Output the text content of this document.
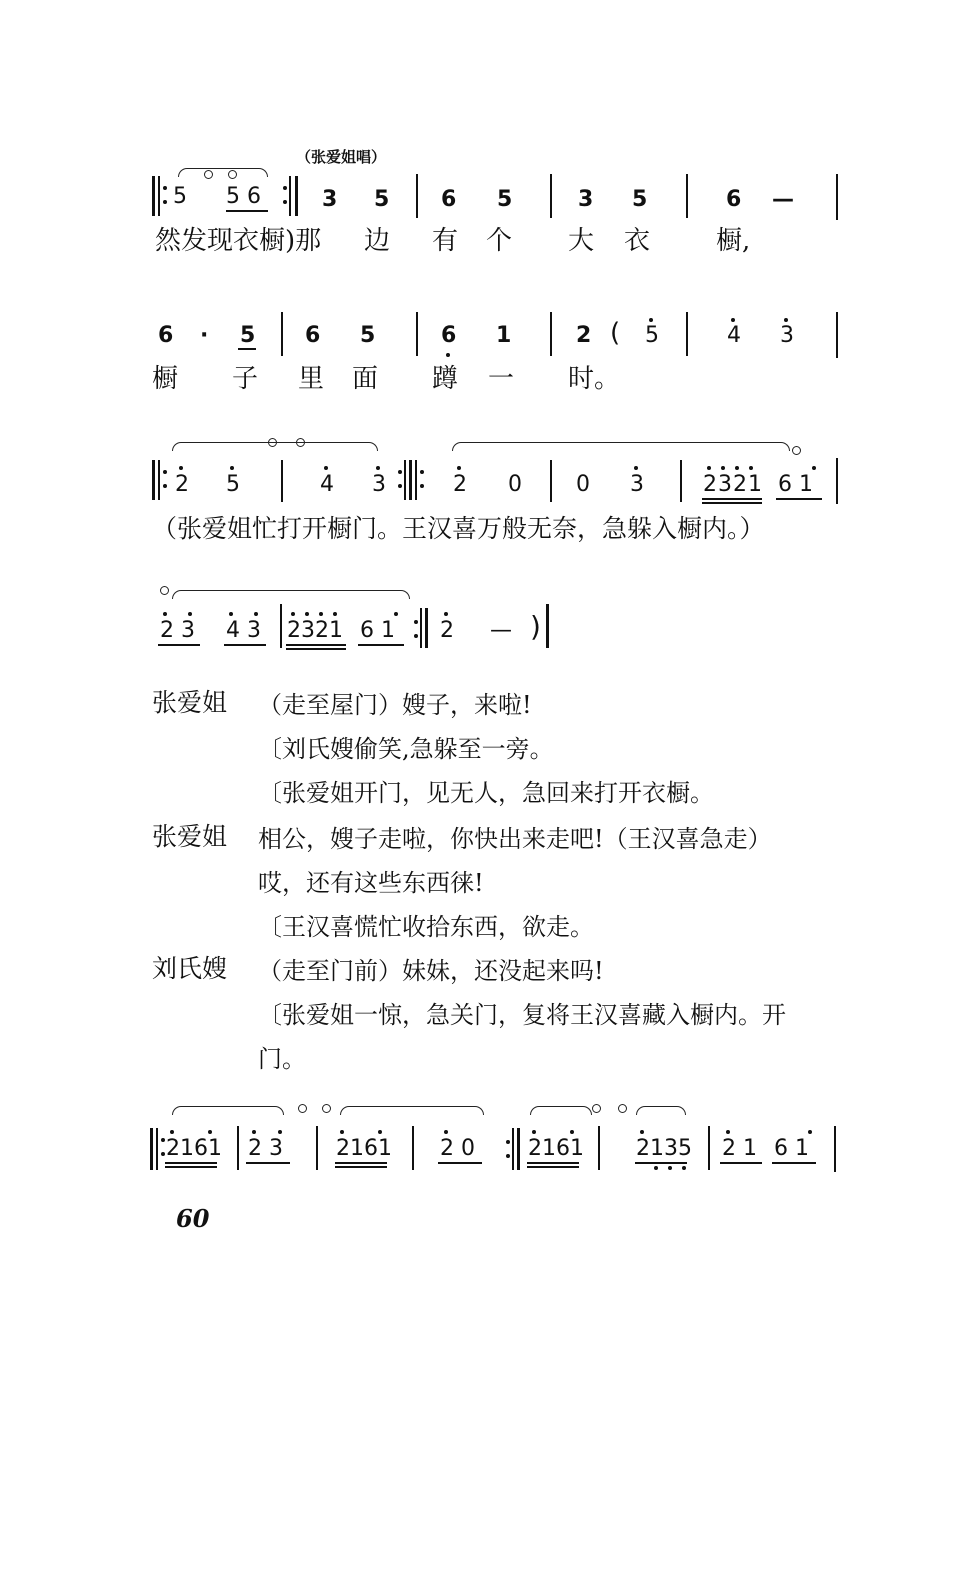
（张爱姐唱）
5 5 6	3 5 6 5	3 5	6 —
然发现衣橱)那 边 有 个 大 衣	橱,
6 · 5 6 5	6 1	2 ( 5	4 3
橱 子 里 面 蹲 一 时。
2 5	4 3	2 0 0 3	2321 6 1
（张爱姐忙打开橱门。王汉喜万般无奈，急躲入橱内。）
2 3 4 3 2321 6 1 2 — )
张爱姐 （走至屋门）嫂子，来啦!
〔刘氏嫂偷笑,急躲至一旁。
〔张爱姐开门，见无人，急回来打开衣橱。
张爱姐 相公，嫂子走啦，你快出来走吧!（王汉喜急走）
哎，还有这些东西徕!
〔王汉喜慌忙收拾东西，欲走。
刘氏嫂 （走至门前）妹妹，还没起来吗!
〔张爱姐一惊，急关门，复将王汉喜藏入橱内。开
门。
2161 2 3 2161 2 0 2161 2135 2 1 6 1
60
